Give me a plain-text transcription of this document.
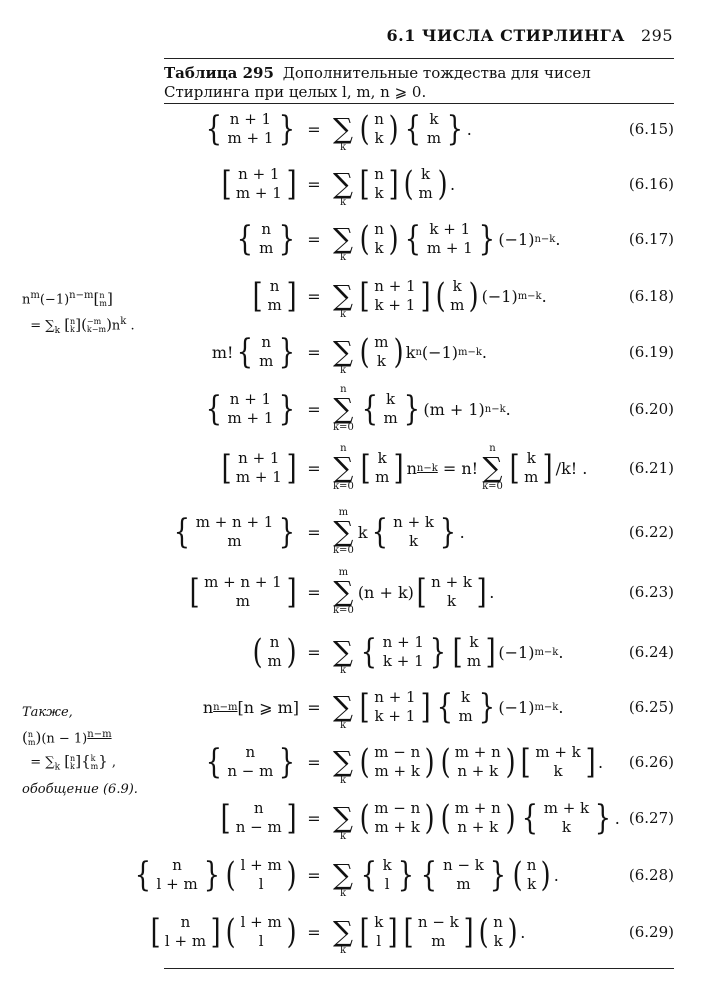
6.1 ЧИСЛА СТИРЛИНГА 295
Таблица 295 Дополнительные тождества для чисел Стирлинга при целых l, m, n ⩾ 0.
$n^m(-1)^{n-m}$[ n
m ]
= $\sum_k$ [ n
k ]( −m
k−m )$n^k$ .
Также,
( n
m )$(n - 1)^{n-m}$
= $\sum_k$ [ n
k ]{ k
m } ,
обобщение (6.9).
{ n + 1
m + 1 } =
∑
k ( n
k ) { k
m } .	(6.15)
[ n + 1
m + 1 ] =
∑
k [ n
k ] ( k
m ) .	(6.16)
{ n
m } =
∑
k ( n
k ) { k + 1
m + 1 } (−1) n−k .	(6.17)
[ n
m ] =
∑
k [ n + 1
k + 1 ] ( k
m ) (−1) m−k .	(6.18)
m! { n
m } =
∑
k ( m
k ) k n (−1) m−k .	(6.19)
{ n + 1
m + 1 } =
n
∑
k=0 { k
m } (m + 1) n−k .	(6.20)
[ n + 1
m + 1 ] =
n
∑
k=0 [ k
m ] n n−k = n!
n
∑
k=0 [ k
m ] /k! .	(6.21)
{ m + n + 1
m } =
m
∑
k=0
k { n + k
k } .	(6.22)
[ m + n + 1
m ] =
m
∑
k=0
(n + k) [ n + k
k ] .	(6.23)
( n
m ) =
∑
k { n + 1
k + 1 } [ k
m ] (−1) m−k .	(6.24)
n n−m [n ⩾ m] =
∑
k [ n + 1
k + 1 ] { k
m } (−1) m−k .	(6.25)
{ n
n − m } =
∑
k ( m − n
m + k ) ( m + n
n + k ) [ m + k
k ] .	(6.26)
[ n
n − m ] =
∑
k ( m − n
m + k ) ( m + n
n + k ) { m + k
k } . (6.27)
{ n
l + m } ( l + m
l ) =
∑
k { k
l } { n − k
m } ( n
k ) .	(6.28)
[ n
l + m ] ( l + m
l ) =
∑
k [ k
l ] [ n − k
m ] ( n
k ) .	(6.29)
